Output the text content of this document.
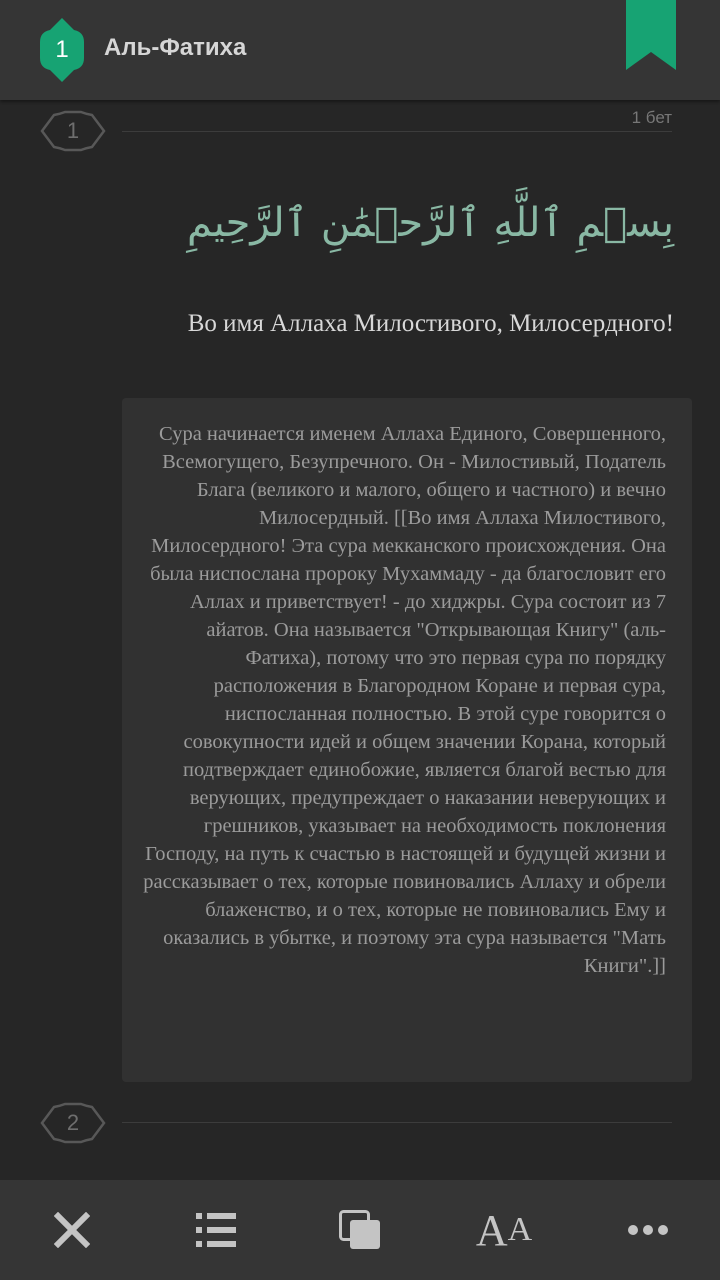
1	Аль-Фатиха
1
1 бет
بِسۡمِ ٱللَّهِ ٱلرَّحۡمَٰنِ ٱلرَّحِيمِ
Во имя Аллаха Милостивого, Милосердного!
Сура начинается именем Аллаха Единого, Совершенного, Всемогущего, Безупречного. Он - Милостивый, Податель Блага (великого и малого, общего и частного) и вечно Милосердный. [[Во имя Аллаха Милостивого, Милосердного! Эта сура мекканского происхождения. Она была ниспослана пророку Мухаммаду - да благословит его Аллах и приветствует! - до хиджры. Сура состоит из 7 айатов. Она называется "Открывающая Книгу" (аль-Фатиха), потому что это первая сура по порядку расположения в Благородном Коране и первая сура, ниспосланная полностью. В этой суре говорится о совокупности идей и общем значении Корана, который подтверждает единобожие, является благой вестью для верующих, предупреждает о наказании неверующих и грешников, указывает на необходимость поклонения Господу, на путь к счастью в настоящей и будущей жизни и рассказывает о тех, которые повиновались Аллаху и обрели блаженство, и о тех, которые не повиновались Ему и оказались в убытке, и поэтому эта сура называется "Мать Книги".]]
2
A A
